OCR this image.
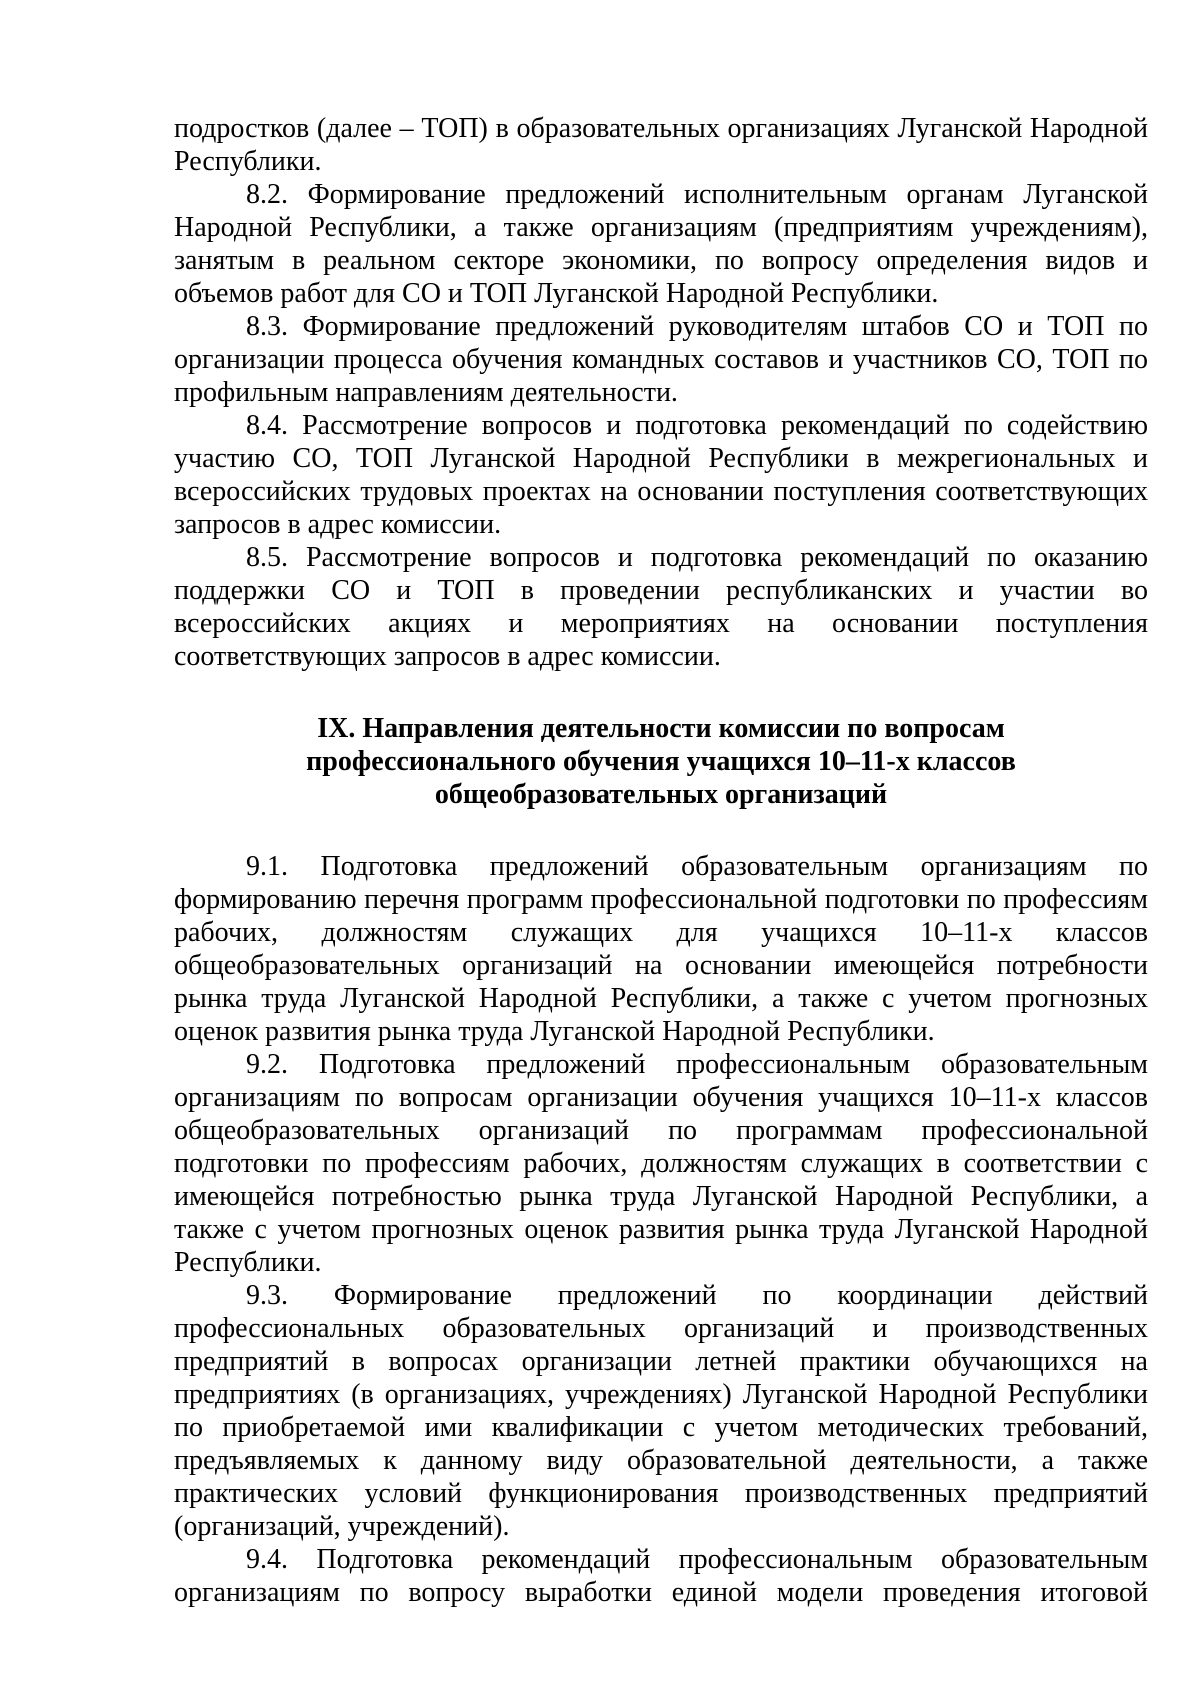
подростков (далее – ТОП) в образовательных организациях Луганской Народной Республики.

8.2. Формирование предложений исполнительным органам Луганской Народной Республики, а также организациям (предприятиям учреждениям), занятым в реальном секторе экономики, по вопросу определения видов и объемов работ для СО и ТОП Луганской Народной Республики.

8.3. Формирование предложений руководителям штабов СО и ТОП по организации процесса обучения командных составов и участников СО, ТОП по профильным направлениям деятельности.

8.4. Рассмотрение вопросов и подготовка рекомендаций по содействию участию СО, ТОП Луганской Народной Республики в межрегиональных и всероссийских трудовых проектах на основании поступления соответствующих запросов в адрес комиссии.

8.5. Рассмотрение вопросов и подготовка рекомендаций по оказанию поддержки СО и ТОП в проведении республиканских и участии во всероссийских акциях и мероприятиях на основании поступления соответствующих запросов в адрес комиссии.

IX. Направления деятельности комиссии по вопросам
профессионального обучения учащихся 10–11-х классов
общеобразовательных организаций

9.1. Подготовка предложений образовательным организациям по формированию перечня программ профессиональной подготовки по профессиям рабочих, должностям служащих для учащихся 10–11-х классов общеобразовательных организаций на основании имеющейся потребности рынка труда Луганской Народной Республики, а также с учетом прогнозных оценок развития рынка труда Луганской Народной Республики.

9.2. Подготовка предложений профессиональным образовательным организациям по вопросам организации обучения учащихся 10–11-х классов общеобразовательных организаций по программам профессиональной подготовки по профессиям рабочих, должностям служащих в соответствии с имеющейся потребностью рынка труда Луганской Народной Республики, а также с учетом прогнозных оценок развития рынка труда Луганской Народной Республики.

9.3. Формирование предложений по координации действий профессиональных образовательных организаций и производственных предприятий в вопросах организации летней практики обучающихся на предприятиях (в организациях, учреждениях) Луганской Народной Республики по приобретаемой ими квалификации с учетом методических требований, предъявляемых к данному виду образовательной деятельности, а также практических условий функционирования производственных предприятий (организаций, учреждений).

9.4. Подготовка рекомендаций профессиональным образовательным организациям по вопросу выработки единой модели проведения итоговой
